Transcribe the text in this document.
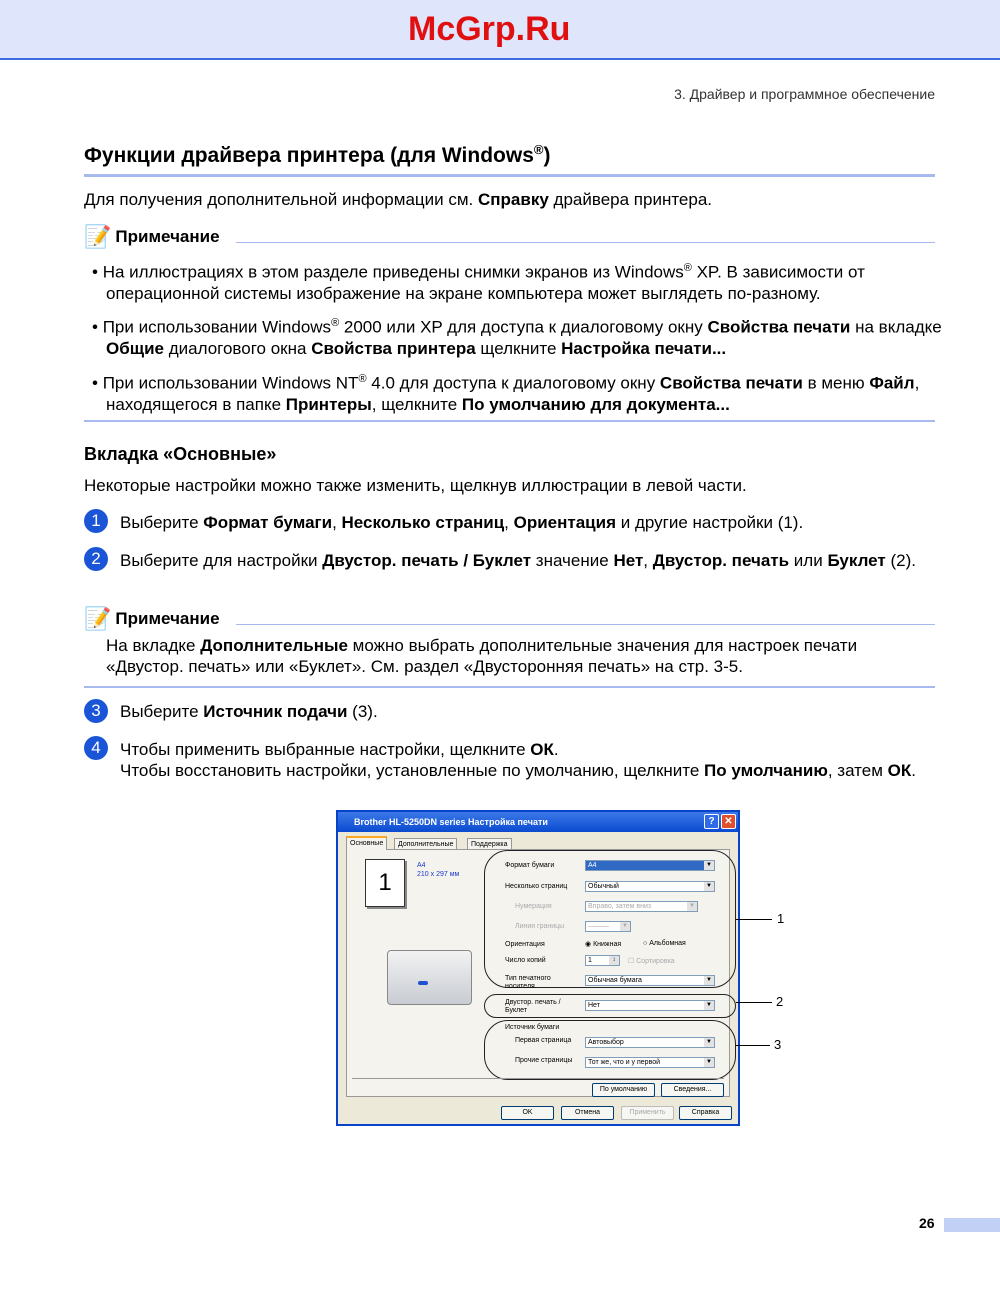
McGrp.Ru
3. Драйвер и программное обеспечение
Функции драйвера принтера (для Windows®)
Для получения дополнительной информации см. Справку драйвера принтера.
📝 Примечание
• На иллюстрациях в этом разделе приведены снимки экранов из Windows® XP. В зависимости от операционной системы изображение на экране компьютера может выглядеть по-разному.
• При использовании Windows® 2000 или XP для доступа к диалоговому окну Свойства печати на вкладке Общие диалогового окна Свойства принтера щелкните Настройка печати...
• При использовании Windows NT® 4.0 для доступа к диалоговому окну Свойства печати в меню Файл, находящегося в папке Принтеры, щелкните По умолчанию для документа...
Вкладка «Основные»
Некоторые настройки можно также изменить, щелкнув иллюстрации в левой части.
1	Выберите Формат бумаги, Несколько страниц, Ориентация и другие настройки (1).
2	Выберите для настройки Двустор. печать / Буклет значение Нет, Двустор. печать или Буклет (2).
📝 Примечание
На вкладке Дополнительные можно выбрать дополнительные значения для настроек печати «Двустор. печать» или «Буклет». См. раздел «Двусторонняя печать» на стр. 3-5.
3	Выберите Источник подачи (3).
4	Чтобы применить выбранные настройки, щелкните ОК.
Чтобы восстановить настройки, установленные по умолчанию, щелкните По умолчанию, затем ОК.
Brother HL-5250DN series Настройка печати	? ✕
Основные	Дополнительные	Поддержка
1
A4
210 x 297 мм
Формат бумаги	A4	▼
Несколько страниц	Обычный	▼
Нумерация	Вправо, затем вниз	▼
Линия границы	———	▼
Ориентация	◉ Книжная	○ Альбомная
Число копий	1	↕	☐ Сортировка
Тип печатного носителя
Обычная бумага	▼
Двустор. печать / Буклет
Нет	▼
Источник бумаги
Первая страница	Автовыбор	▼
Прочие страницы	Тот же, что и у первой	▼
По умолчанию	Сведения...
OK	Отмена	Применить	Справка
1
2
3
26
